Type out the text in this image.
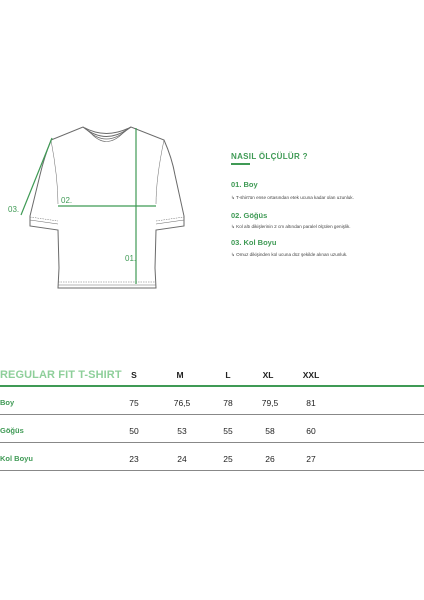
03.
02.
01.
NASIL ÖLÇÜLÜR ?
01. Boy
↳ T-shirt'ün ense ortasından etek ucuna kadar olan uzunluk.
02. Göğüs
↳ Kol altı dikişlerinin 2 cm altından paralel ölçülen genişlik.
03. Kol Boyu
↳ Omuz dikişinden kol ucuna düz şekilde alınan uzunluk.
REGULAR FIT T-SHIRT	S	M	L	XL	XXL
Boy	75	76,5	78	79,5	81
Göğüs	50	53	55	58	60
Kol Boyu	23	24	25	26	27
